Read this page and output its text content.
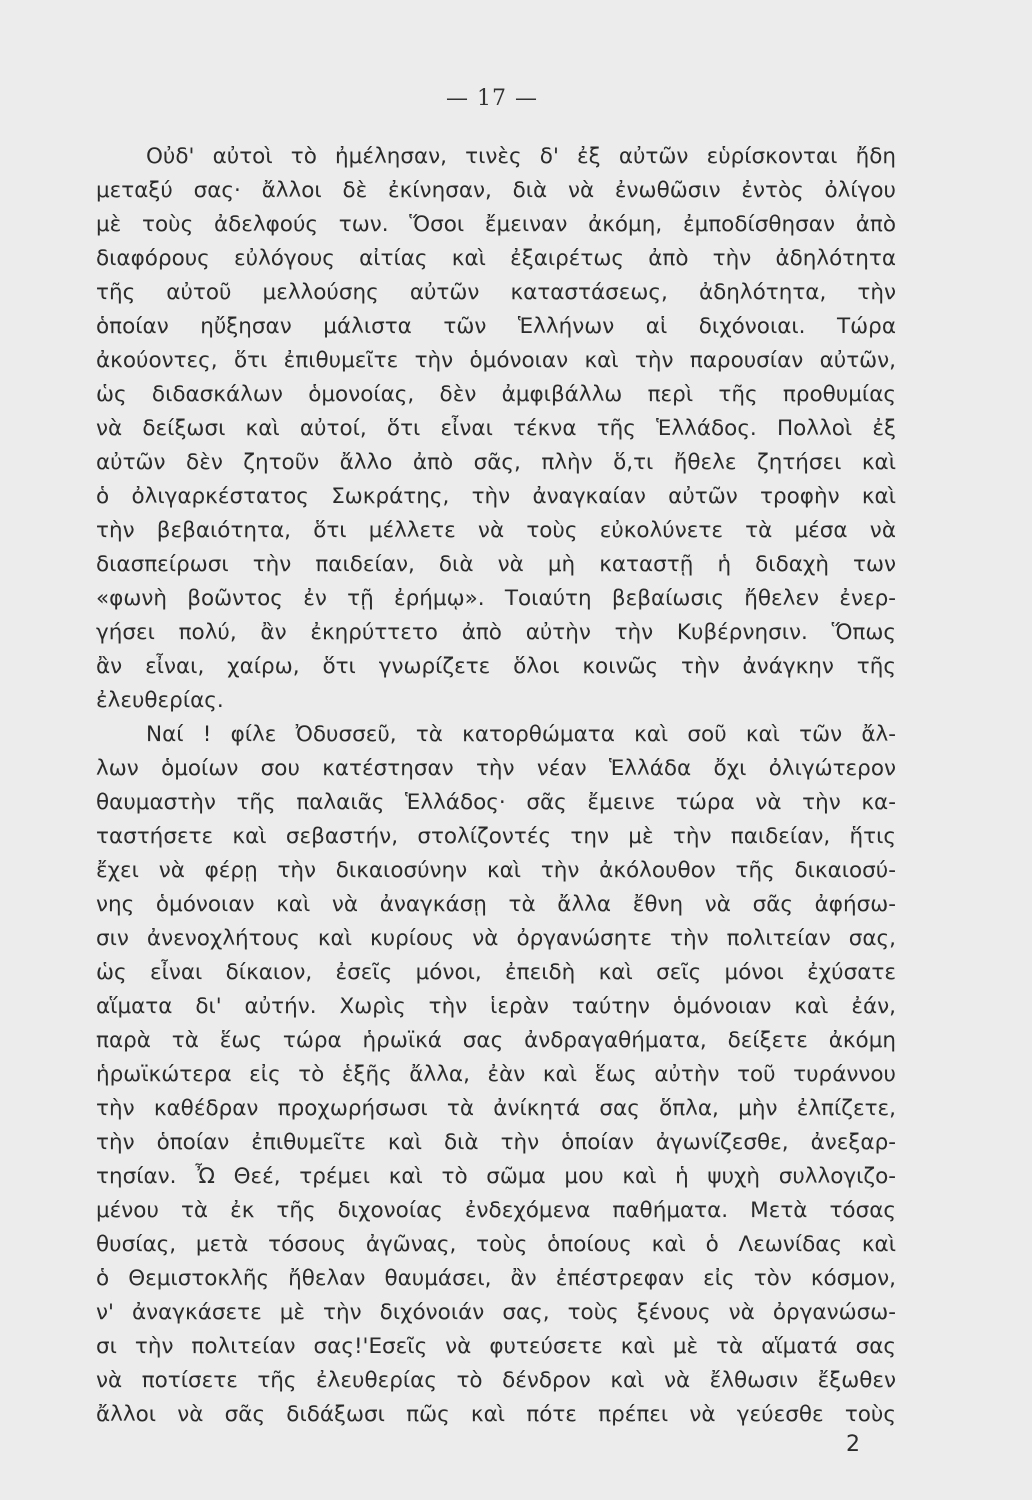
— 17 —
Οὐδ' αὐτοὶ τὸ ἠμέλησαν, τινὲς δ' ἐξ αὐτῶν εὑρίσκονται ἤδη
μεταξύ σας· ἄλλοι δὲ ἐκίνησαν, διὰ νὰ ἐνωθῶσιν ἐντὸς ὀλίγου
μὲ τοὺς ἀδελφούς των. Ὅσοι ἔμειναν ἀκόμη, ἐμποδίσθησαν ἀπὸ
διαφόρους εὐλόγους αἰτίας καὶ ἐξαιρέτως ἀπὸ τὴν ἀδηλότητα
τῆς αὐτοῦ μελλούσης αὐτῶν καταστάσεως, ἀδηλότητα, τὴν
ὁποίαν ηὔξησαν μάλιστα τῶν Ἑλλήνων αἱ διχόνοιαι. Τώρα
ἀκούοντες, ὅτι ἐπιθυμεῖτε τὴν ὁμόνοιαν καὶ τὴν παρουσίαν αὐτῶν,
ὡς διδασκάλων ὁμονοίας, δὲν ἀμφιβάλλω περὶ τῆς προθυμίας
νὰ δείξωσι καὶ αὐτοί, ὅτι εἶναι τέκνα τῆς Ἑλλάδος. Πολλοὶ ἐξ
αὐτῶν δὲν ζητοῦν ἄλλο ἀπὸ σᾶς, πλὴν ὅ,τι ἤθελε ζητήσει καὶ
ὁ ὀλιγαρκέστατος Σωκράτης, τὴν ἀναγκαίαν αὐτῶν τροφὴν καὶ
τὴν βεβαιότητα, ὅτι μέλλετε νὰ τοὺς εὐκολύνετε τὰ μέσα νὰ
διασπείρωσι τὴν παιδείαν, διὰ νὰ μὴ καταστῇ ἡ διδαχὴ των
«φωνὴ βοῶντος ἐν τῇ ἐρήμῳ». Τοιαύτη βεβαίωσις ἤθελεν ἐνερ-
γήσει πολύ, ἂν ἐκηρύττετο ἀπὸ αὐτὴν τὴν Κυβέρνησιν. Ὅπως
ἂν εἶναι, χαίρω, ὅτι γνωρίζετε ὅλοι κοινῶς τὴν ἀνάγκην τῆς
ἐλευθερίας.
Ναί ! φίλε Ὀδυσσεῦ, τὰ κατορθώματα καὶ σοῦ καὶ τῶν ἄλ-
λων ὁμοίων σου κατέστησαν τὴν νέαν Ἑλλάδα ὄχι ὀλιγώτερον
θαυμαστὴν τῆς παλαιᾶς Ἑλλάδος· σᾶς ἔμεινε τώρα νὰ τὴν κα-
ταστήσετε καὶ σεβαστήν, στολίζοντές την μὲ τὴν παιδείαν, ἥτις
ἔχει νὰ φέρῃ τὴν δικαιοσύνην καὶ τὴν ἀκόλουθον τῆς δικαιοσύ-
νης ὁμόνοιαν καὶ νὰ ἀναγκάσῃ τὰ ἄλλα ἔθνη νὰ σᾶς ἀφήσω-
σιν ἀνενοχλήτους καὶ κυρίους νὰ ὀργανώσητε τὴν πολιτείαν σας,
ὡς εἶναι δίκαιον, ἐσεῖς μόνοι, ἐπειδὴ καὶ σεῖς μόνοι ἐχύσατε
αἵματα δι' αὐτήν. Χωρὶς τὴν ἱερὰν ταύτην ὁμόνοιαν καὶ ἐάν,
παρὰ τὰ ἕως τώρα ἡρωϊκά σας ἀνδραγαθήματα, δείξετε ἀκόμη
ἡρωϊκώτερα εἰς τὸ ἑξῆς ἄλλα, ἐὰν καὶ ἕως αὐτὴν τοῦ τυράννου
τὴν καθέδραν προχωρήσωσι τὰ ἀνίκητά σας ὅπλα, μὴν ἐλπίζετε,
τὴν ὁποίαν ἐπιθυμεῖτε καὶ διὰ τὴν ὁποίαν ἀγωνίζεσθε, ἀνεξαρ-
τησίαν. Ὦ Θεέ, τρέμει καὶ τὸ σῶμα μου καὶ ἡ ψυχὴ συλλογιζο-
μένου τὰ ἐκ τῆς διχονοίας ἐνδεχόμενα παθήματα. Μετὰ τόσας
θυσίας, μετὰ τόσους ἀγῶνας, τοὺς ὁποίους καὶ ὁ Λεωνίδας καὶ
ὁ Θεμιστοκλῆς ἤθελαν θαυμάσει, ἂν ἐπέστρεφαν εἰς τὸν κόσμον,
ν' ἀναγκάσετε μὲ τὴν διχόνοιάν σας, τοὺς ξένους νὰ ὀργανώσω-
σι τὴν πολιτείαν σας!'Εσεῖς νὰ φυτεύσετε καὶ μὲ τὰ αἵματά σας
νὰ ποτίσετε τῆς ἐλευθερίας τὸ δένδρον καὶ νὰ ἔλθωσιν ἔξωθεν
ἄλλοι νὰ σᾶς διδάξωσι πῶς καὶ πότε πρέπει νὰ γεύεσθε τοὺς
2
